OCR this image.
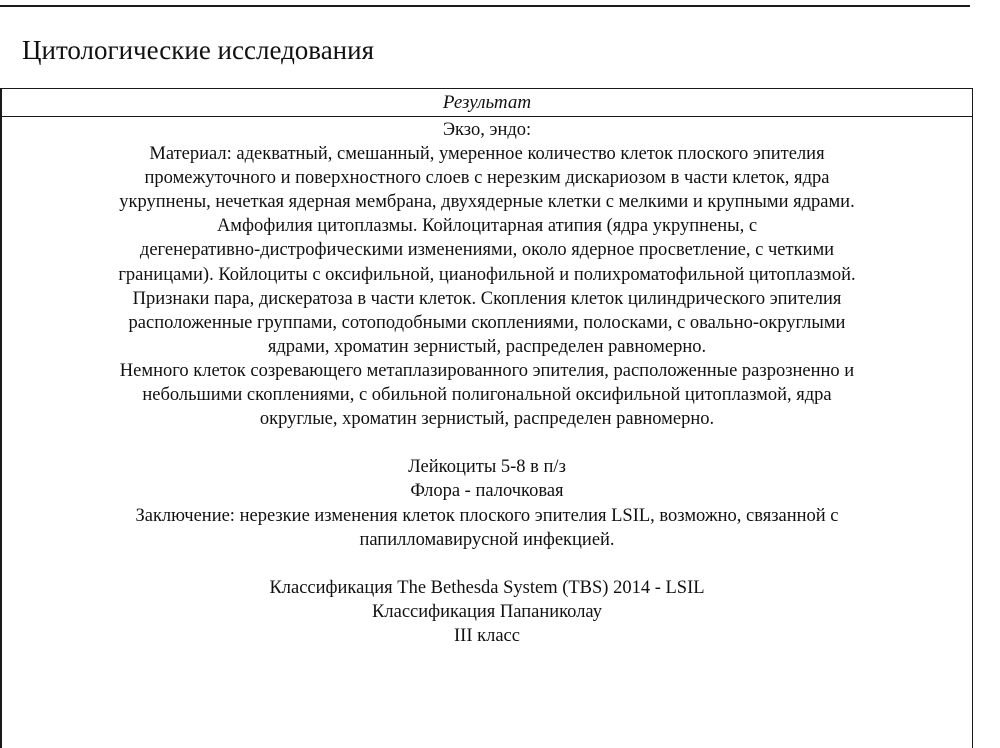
Цитологические исследования
Результат
Экзо, эндо:
Материал: адекватный, смешанный, умеренное количество клеток плоского эпителия
промежуточного и поверхностного слоев с нерезким дискариозом в части клеток, ядра
укрупнены, нечеткая ядерная мембрана, двухядерные клетки с мелкими и крупными ядрами.
Амфофилия цитоплазмы. Койлоцитарная атипия (ядра укрупнены, с
дегенеративно-дистрофическими изменениями, около ядерное просветление, с четкими
границами). Койлоциты с оксифильной, цианофильной и полихроматофильной цитоплазмой.
Признаки пара, дискератоза в части клеток. Скопления клеток цилиндрического эпителия
расположенные группами, сотоподобными скоплениями, полосками, с овально-округлыми
ядрами, хроматин зернистый, распределен равномерно.
Немного клеток созревающего метаплазированного эпителия, расположенные разрозненно и
небольшими скоплениями, с обильной полигональной оксифильной цитоплазмой, ядра
округлые, хроматин зернистый, распределен равномерно.
Лейкоциты 5-8 в п/з
Флора - палочковая
Заключение: нерезкие изменения клеток плоского эпителия LSIL, возможно, связанной с
папилломавирусной инфекцией.
Классификация The Bethesda System (TBS) 2014 - LSIL
Классификация Папаниколау
III класс
